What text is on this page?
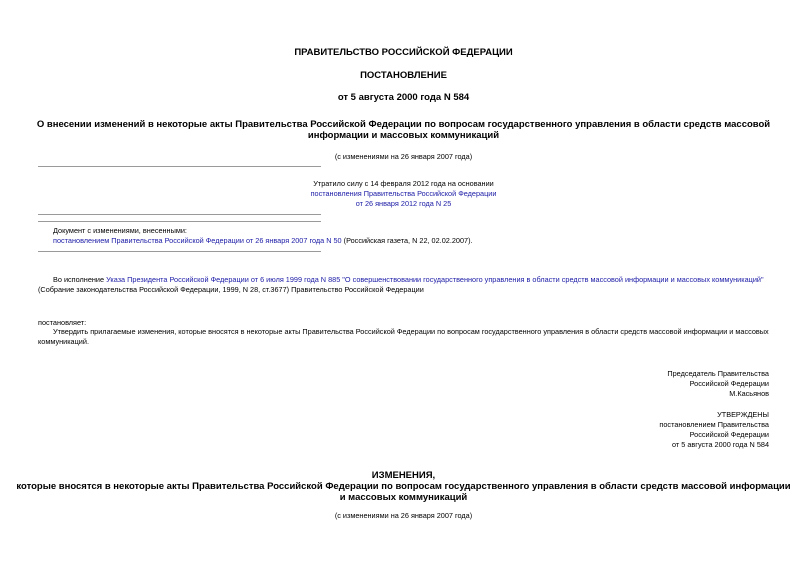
ПРАВИТЕЛЬСТВО РОССИЙСКОЙ ФЕДЕРАЦИИ
ПОСТАНОВЛЕНИЕ
от 5 августа 2000 года N 584
О внесении изменений в некоторые акты Правительства Российской Федерации по вопросам государственного управления в области средств массовой
информации и массовых коммуникаций
(с изменениями на 26 января 2007 года)
Утратило силу с 14 февраля 2012 года на основании
постановления Правительства Российской Федерации
от 26 января 2012 года N 25
Документ с изменениями, внесенными:
постановлением Правительства Российской Федерации от 26 января 2007 года N 50 (Российская газета, N 22, 02.02.2007).
Во исполнение Указа Президента Российской Федерации от 6 июля 1999 года N 885 "О совершенствовании государственного управления в области средств массовой информации и массовых коммуникаций"
(Собрание законодательства Российской Федерации, 1999, N 28, ст.3677) Правительство Российской Федерации
постановляет:
Утвердить прилагаемые изменения, которые вносятся в некоторые акты Правительства Российской Федерации по вопросам государственного управления в области средств массовой информации и массовых
коммуникаций.
Председатель Правительства
Российской Федерации
М.Касьянов
УТВЕРЖДЕНЫ
постановлением Правительства
Российской Федерации
от 5 августа 2000 года N 584
ИЗМЕНЕНИЯ,
которые вносятся в некоторые акты Правительства Российской Федерации по вопросам государственного управления в области средств массовой информации
и массовых коммуникаций
(с изменениями на 26 января 2007 года)
